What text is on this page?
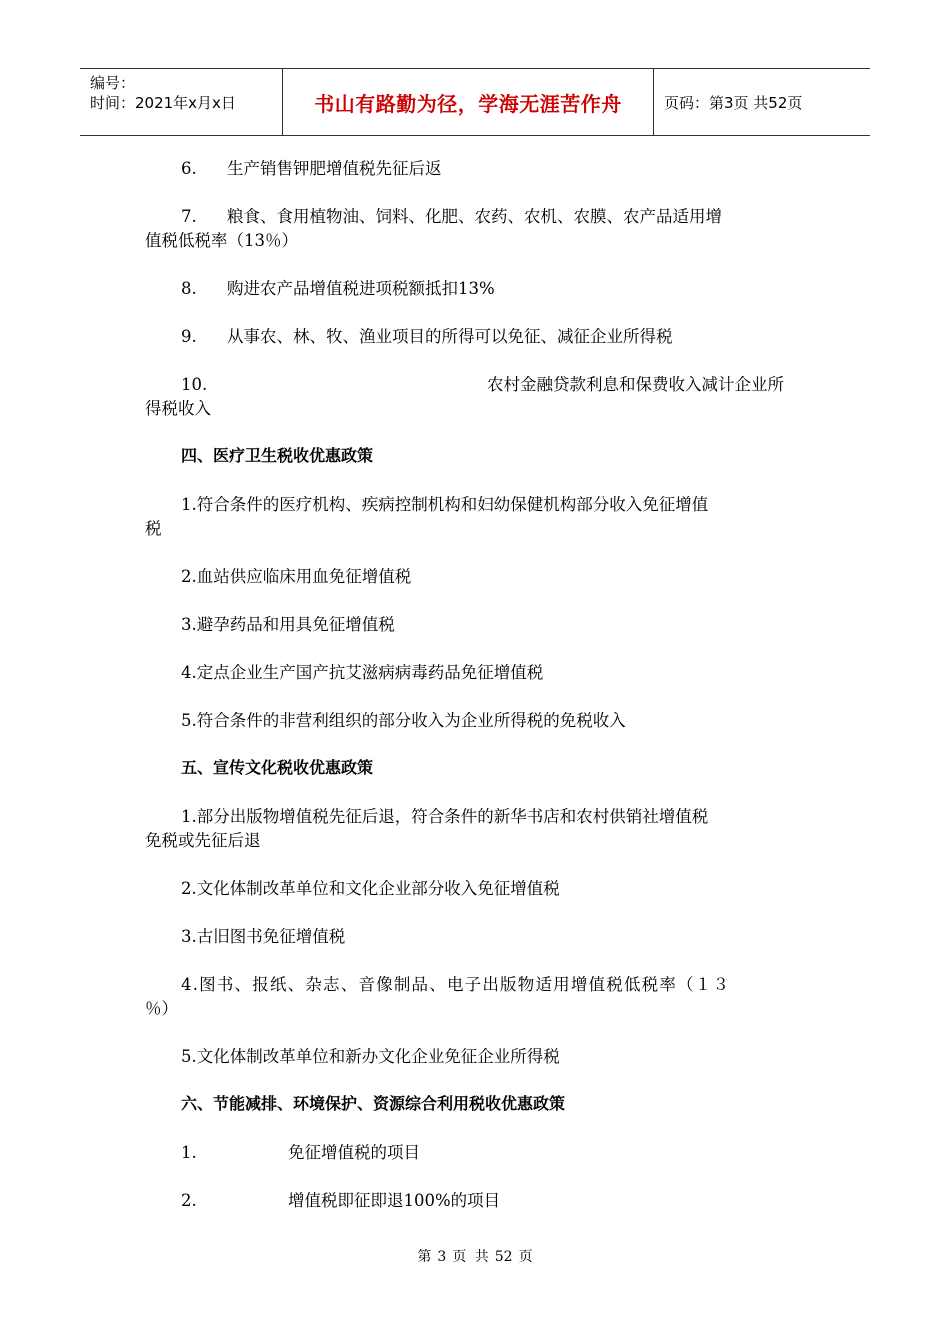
编号：
时间：2021年x月x日	书山有路勤为径，学海无涯苦作舟	页码：第3页 共52页
6.	生产销售钾肥增值税先征后返
7.	粮食、食用植物油、饲料、化肥、农药、农机、农膜、农产品适用增
值税低税率（13％）
8.	购进农产品增值税进项税额抵扣13%
9.	从事农、林、牧、渔业项目的所得可以免征、减征企业所得税
10.	农村金融贷款利息和保费收入减计企业所
得税收入
四、医疗卫生税收优惠政策
1.符合条件的医疗机构、疾病控制机构和妇幼保健机构部分收入免征增值
税
2.血站供应临床用血免征增值税
3.避孕药品和用具免征增值税
4.定点企业生产国产抗艾滋病病毒药品免征增值税
5.符合条件的非营利组织的部分收入为企业所得税的免税收入
五、宣传文化税收优惠政策
1.部分出版物增值税先征后退，符合条件的新华书店和农村供销社增值税
免税或先征后退
2.文化体制改革单位和文化企业部分收入免征增值税
3.古旧图书免征增值税
4.图书、报纸、杂志、音像制品、电子出版物适用增值税低税率（１３
％）
5.文化体制改革单位和新办文化企业免征企业所得税
六、节能减排、环境保护、资源综合利用税收优惠政策
1.	免征增值税的项目
2.	增值税即征即退100%的项目
第 3 页 共 52 页
